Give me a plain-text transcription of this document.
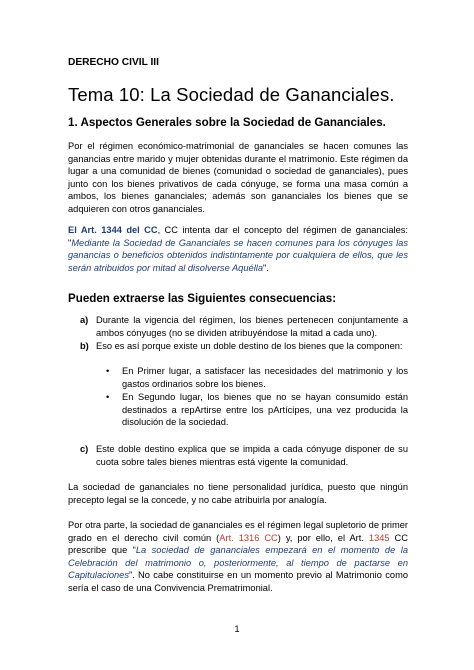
DERECHO CIVIL III
Tema 10: La Sociedad de Gananciales.
1. Aspectos Generales sobre la Sociedad de Gananciales.
Por el régimen económico-matrimonial de gananciales se hacen comunes las ganancias entre marido y mujer obtenidas durante el matrimonio. Este régimen da lugar a una comunidad de bienes (comunidad o sociedad de gananciales), pues junto con los bienes privativos de cada cónyuge, se forma una masa común a ambos, los bienes gananciales; además son gananciales los bienes que se adquieren con otros gananciales.
El Art. 1344 del CC, CC intenta dar el concepto del régimen de gananciales: "Mediante la Sociedad de Gananciales se hacen comunes para los cónyuges las ganancias o beneficios obtenidos indistintamente por cualquiera de ellos, que les serán atribuidos por mitad al disolverse Aquélla".
Pueden extraerse las Siguientes consecuencias:
a) Durante la vigencia del régimen, los bienes pertenecen conjuntamente a ambos cónyuges (no se dividen atribuyéndose la mitad a cada uno).
b) Eso es así porque existe un doble destino de los bienes que la componen:
• En Primer lugar, a satisfacer las necesidades del matrimonio y los gastos ordinarios sobre los bienes.
• En Segundo lugar, los bienes que no se hayan consumido están destinados a repArtirse entre los pArtícipes, una vez producida la disolución de la sociedad.
c) Este doble destino explica que se impida a cada cónyuge disponer de su cuota sobre tales bienes mientras está vigente la comunidad.
La sociedad de gananciales no tiene personalidad jurídica, puesto que ningún precepto legal se la concede, y no cabe atribuirla por analogía.
Por otra parte, la sociedad de gananciales es el régimen legal supletorio de primer grado en el derecho civil común (Art. 1316 CC) y, por ello, el Art. 1345 CC prescribe que “La sociedad de gananciales empezará en el momento de la Celebración del matrimonio o, posteriormente, al tiempo de pactarse en Capitulaciones”. No cabe constituirse en un momento previo al Matrimonio como sería el caso de una Convivencia Prematrimonial.
1
